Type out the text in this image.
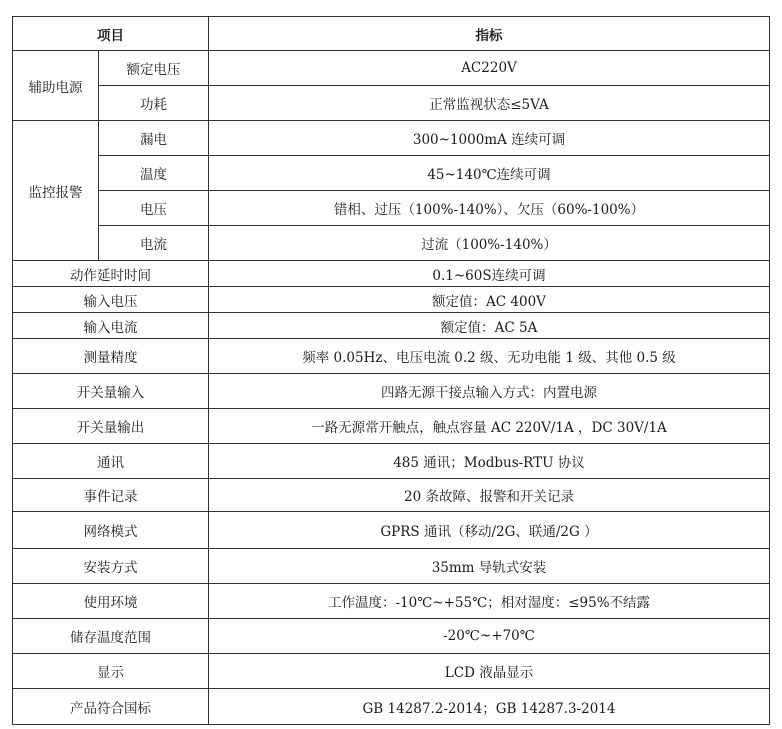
项目		指标
辅助电源	额定电压	AC220V
	功耗	正常监视状态≤5VA
监控报警	漏电	300~1000mA 连续可调
	温度	45~140℃连续可调
	电压	错相、过压（100%-140%）、欠压（60%-100%）
	电流	过流（100%-140%）
动作延时时间		0.1~60S连续可调
输入电压		额定值：AC 400V
输入电流		额定值：AC 5A
测量精度		频率 0.05Hz、电压电流 0.2 级、无功电能 1 级、其他 0.5 级
开关量输入		四路无源干接点输入方式：内置电源
开关量输出		一路无源常开触点，触点容量 AC 220V/1A ，DC 30V/1A
通讯		485 通讯；Modbus-RTU 协议
事件记录		20 条故障、报警和开关记录
网络模式		GPRS 通讯（移动/2G、联通/2G ）
安装方式		35mm 导轨式安装
使用环境		工作温度：-10℃~+55℃；相对湿度：≤95%不结露
储存温度范围		-20℃~+70℃
显示		LCD 液晶显示
产品符合国标		GB 14287.2-2014；GB 14287.3-2014
